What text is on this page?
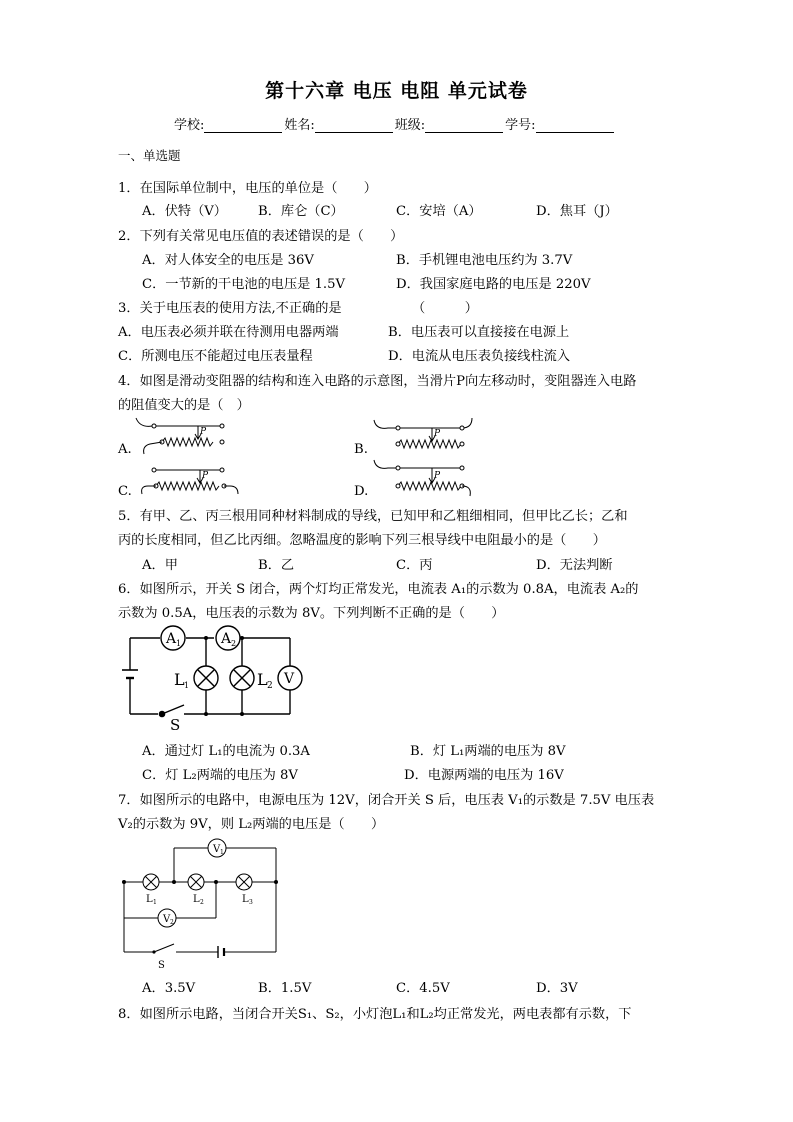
第十六章 电压 电阻 单元试卷
学校:	姓名:	班级:	学号:
一、单选题
1．在国际单位制中，电压的单位是（　　）
A．伏特（V） B．库仑（C）	C．安培（A）	D．焦耳（J）
2．下列有关常见电压值的表述错误的是（　　）
A．对人体安全的电压是 36V	B．手机锂电池电压约为 3.7V
C．一节新的干电池的电压是 1.5V	D．我国家庭电路的电压是 220V
3．关于电压表的使用方法,不正确的是	（　　　）
A．电压表必须并联在待测用电器两端	B．电压表可以直接接在电源上
C．所测电压不能超过电压表量程	D．电流从电压表负接线柱流入
4．如图是滑动变阻器的结构和连入电路的示意图，当滑片P向左移动时，变阻器连入电路
的阻值变大的是（　）
A.
P
B.
P
C.
P
D.
P
5．有甲、乙、丙三根用同种材料制成的导线，已知甲和乙粗细相同，但甲比乙长；乙和
丙的长度相同，但乙比丙细。忽略温度的影响下列三根导线中电阻最小的是（　　）
A．甲	B．乙	C．丙	D．无法判断
6．如图所示，开关 S 闭合，两个灯均正常发光，电流表 A₁的示数为 0.8A，电流表 A₂的
示数为 0.5A，电压表的示数为 8V。下列判断不正确的是（　　）
A 1	A 2
L 1	L 2 V
S
A．通过灯 L₁的电流为 0.3A	B．灯 L₁两端的电压为 8V
C．灯 L₂两端的电压为 8V	D．电源两端的电压为 16V
7．如图所示的电路中，电源电压为 12V，闭合开关 S 后，电压表 V₁的示数是 7.5V 电压表
V₂的示数为 9V，则 L₂两端的电压是（　　）
V 1
V 2
L 1	L 2	L 3
S
A．3.5V	B．1.5V	C．4.5V	D．3V
8．如图所示电路，当闭合开关S₁、S₂，小灯泡L₁和L₂均正常发光，两电表都有示数，下
